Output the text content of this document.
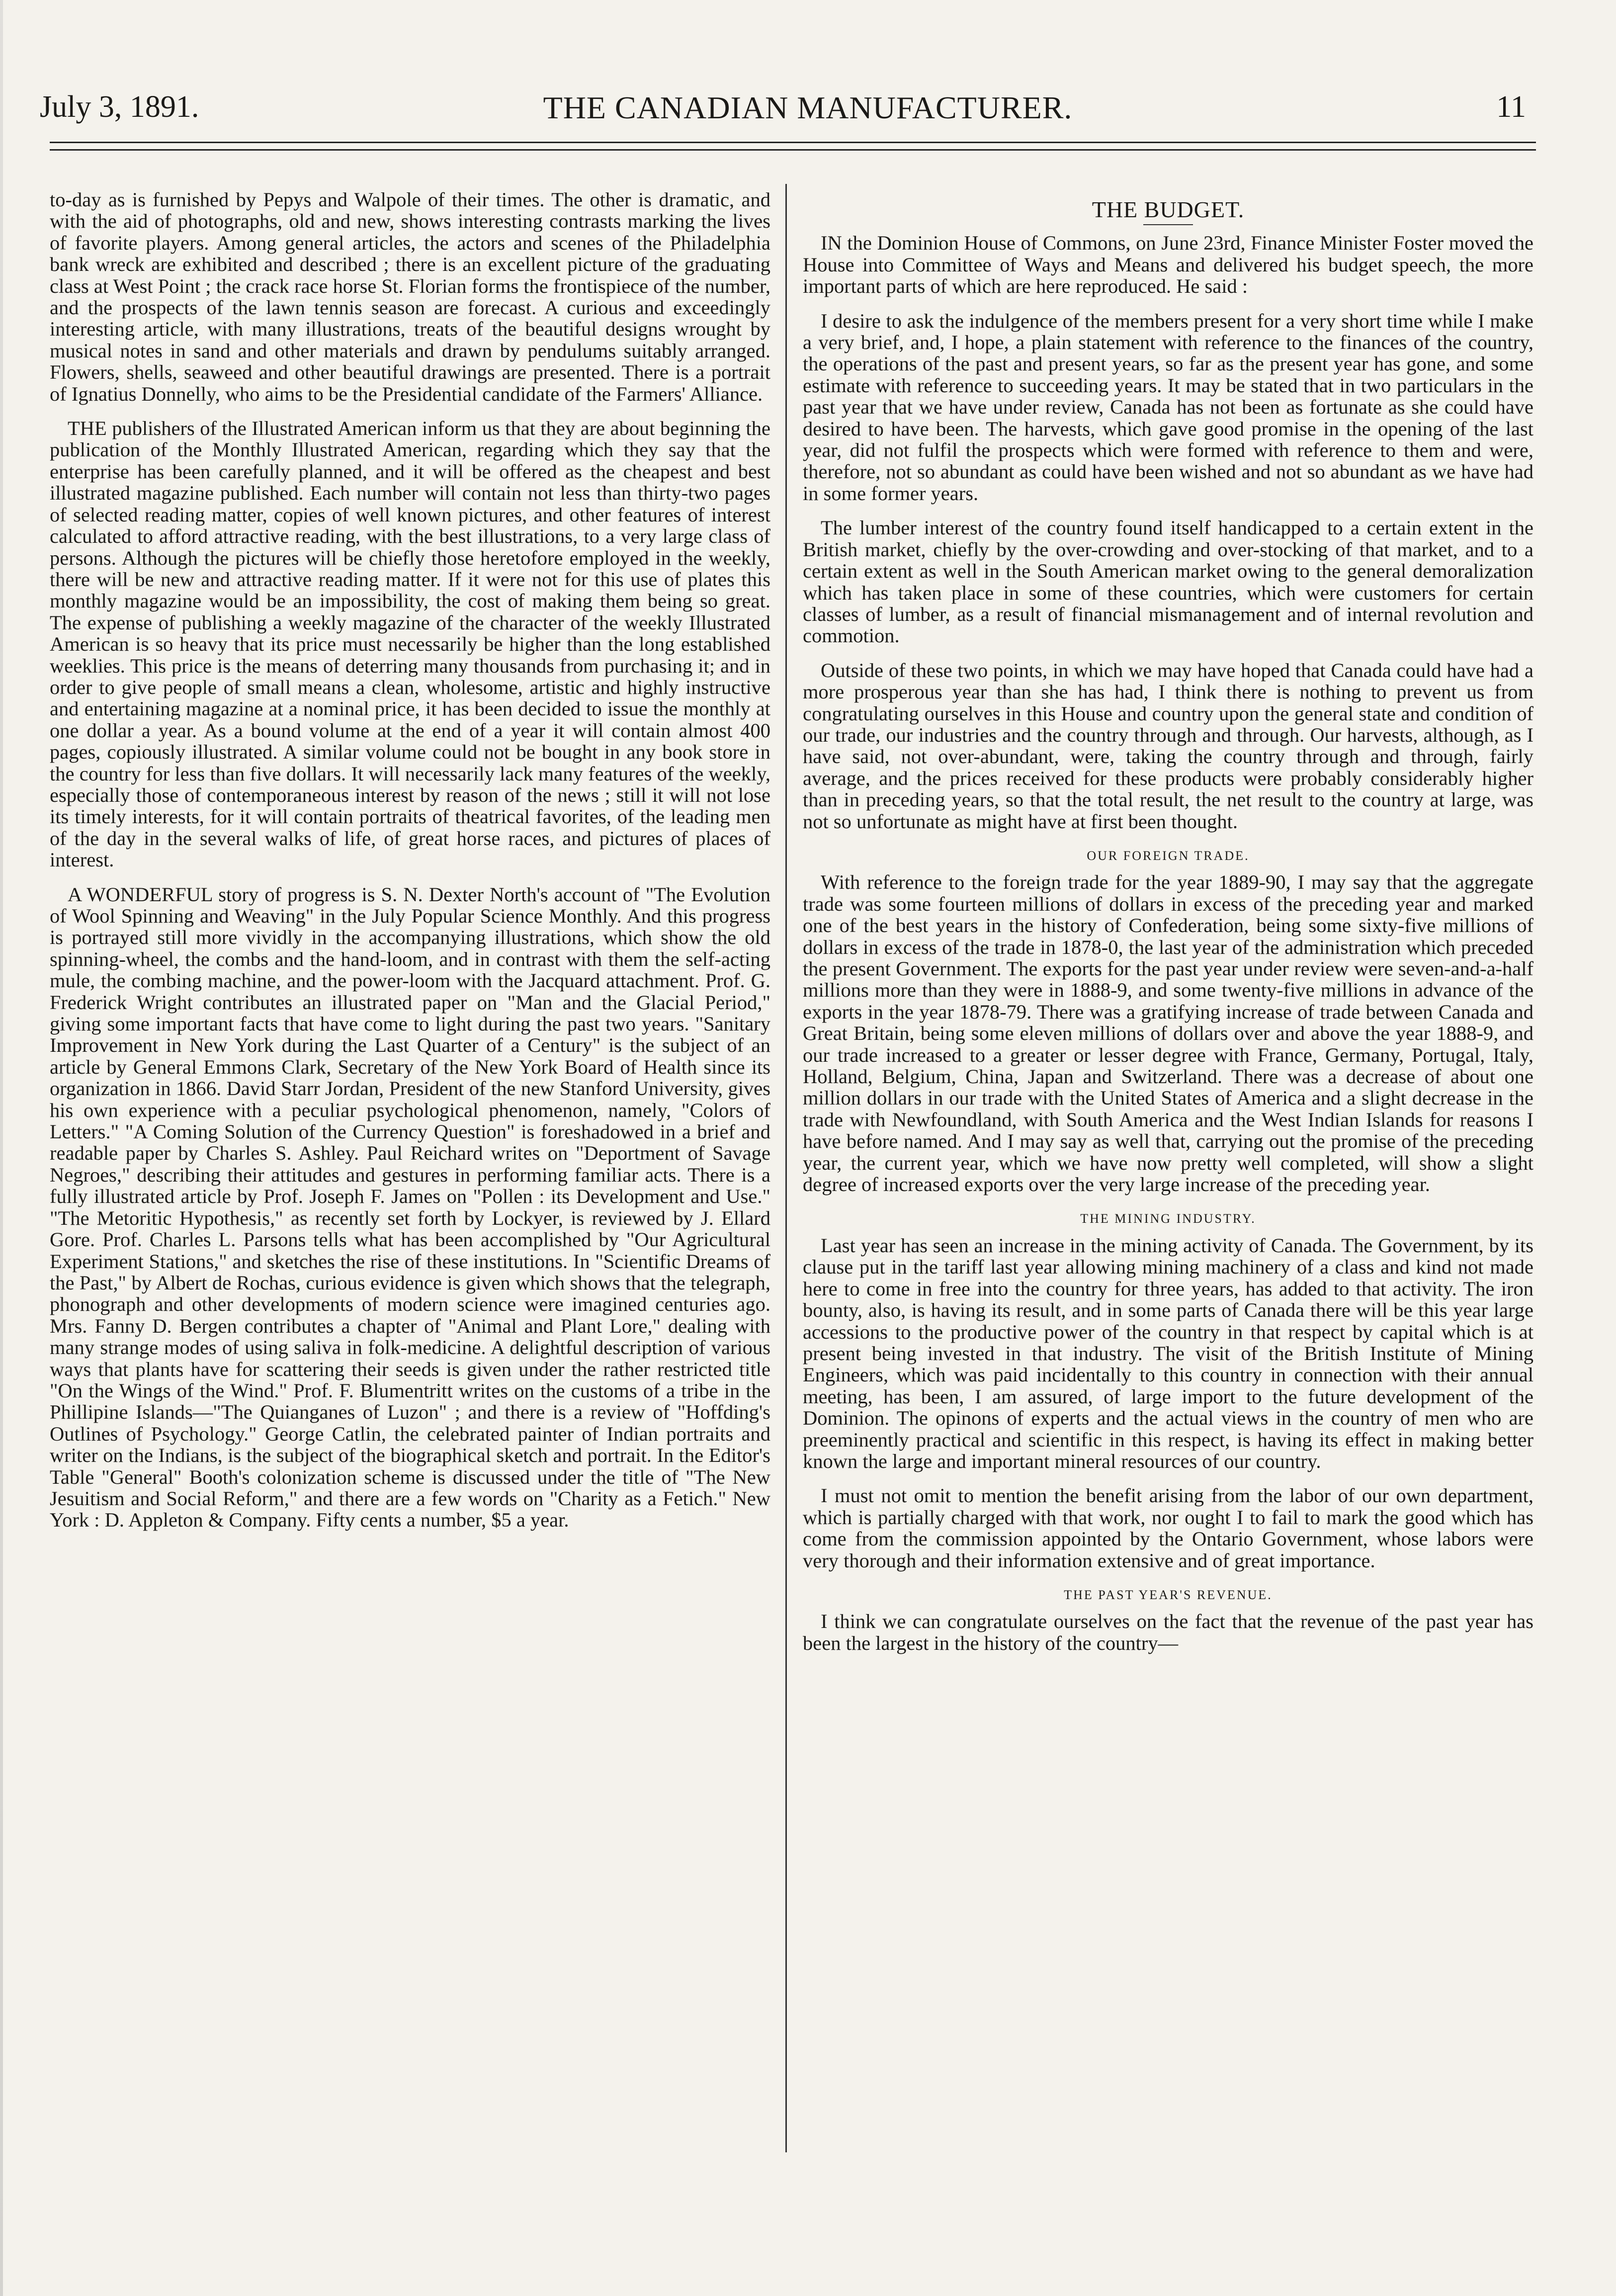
July 3, 1891.	THE CANADIAN MANUFACTURER.	11

to-day as is furnished by Pepys and Walpole of their times. The other is dramatic, and with the aid of photographs, old and new, shows interesting contrasts marking the lives of favorite players. Among general articles, the actors and scenes of the Philadelphia bank wreck are exhibited and described ; there is an excellent picture of the graduating class at West Point ; the crack race horse St. Florian forms the frontispiece of the number, and the prospects of the lawn tennis season are forecast. A curious and exceedingly interesting article, with many illustrations, treats of the beautiful designs wrought by musical notes in sand and other materials and drawn by pendulums suitably arranged. Flowers, shells, seaweed and other beautiful drawings are presented. There is a portrait of Ignatius Donnelly, who aims to be the Presidential candidate of the Farmers' Alliance.

THE publishers of the Illustrated American inform us that they are about beginning the publication of the Monthly Illustrated American, regarding which they say that the enterprise has been carefully planned, and it will be offered as the cheapest and best illustrated magazine published. Each number will contain not less than thirty-two pages of selected reading matter, copies of well known pictures, and other features of interest calculated to afford attractive reading, with the best illustrations, to a very large class of persons. Although the pictures will be chiefly those heretofore employed in the weekly, there will be new and attractive reading matter. If it were not for this use of plates this monthly magazine would be an impossibility, the cost of making them being so great. The expense of publishing a weekly magazine of the character of the weekly Illustrated American is so heavy that its price must necessarily be higher than the long established weeklies. This price is the means of deterring many thousands from purchasing it; and in order to give people of small means a clean, wholesome, artistic and highly instructive and entertaining magazine at a nominal price, it has been decided to issue the monthly at one dollar a year. As a bound volume at the end of a year it will contain almost 400 pages, copiously illustrated. A similar volume could not be bought in any book store in the country for less than five dollars. It will necessarily lack many features of the weekly, especially those of contemporaneous interest by reason of the news ; still it will not lose its timely interests, for it will contain portraits of theatrical favorites, of the leading men of the day in the several walks of life, of great horse races, and pictures of places of interest.

A WONDERFUL story of progress is S. N. Dexter North's account of "The Evolution of Wool Spinning and Weaving" in the July Popular Science Monthly. And this progress is portrayed still more vividly in the accompanying illustrations, which show the old spinning-wheel, the combs and the hand-loom, and in contrast with them the self-acting mule, the combing machine, and the power-loom with the Jacquard attachment. Prof. G. Frederick Wright contributes an illustrated paper on "Man and the Glacial Period," giving some important facts that have come to light during the past two years. "Sanitary Improvement in New York during the Last Quarter of a Century" is the subject of an article by General Emmons Clark, Secretary of the New York Board of Health since its organization in 1866. David Starr Jordan, President of the new Stanford University, gives his own experience with a peculiar psychological phenomenon, namely, "Colors of Letters." "A Coming Solution of the Currency Question" is foreshadowed in a brief and readable paper by Charles S. Ashley. Paul Reichard writes on "Deportment of Savage Negroes," describing their attitudes and gestures in performing familiar acts. There is a fully illustrated article by Prof. Joseph F. James on "Pollen : its Development and Use." "The Metoritic Hypothesis," as recently set forth by Lockyer, is reviewed by J. Ellard Gore. Prof. Charles L. Parsons tells what has been accomplished by "Our Agricultural Experiment Stations," and sketches the rise of these institutions. In "Scientific Dreams of the Past," by Albert de Rochas, curious evidence is given which shows that the telegraph, phonograph and other developments of modern science were imagined centuries ago. Mrs. Fanny D. Bergen contributes a chapter of "Animal and Plant Lore," dealing with many strange modes of using saliva in folk-medicine. A delightful description of various ways that plants have for scattering their seeds is given under the rather restricted title "On the Wings of the Wind." Prof. F. Blumentritt writes on the customs of a tribe in the Phillipine Islands—"The Quianganes of Luzon" ; and there is a review of "Hoffding's Outlines of Psychology." George Catlin, the celebrated painter of Indian portraits and writer on the Indians, is the subject of the biographical sketch and portrait. In the Editor's Table "General" Booth's colonization scheme is discussed under the title of "The New Jesuitism and Social Reform," and there are a few words on "Charity as a Fetich." New York : D. Appleton & Company. Fifty cents a number, $5 a year.

THE BUDGET.

IN the Dominion House of Commons, on June 23rd, Finance Minister Foster moved the House into Committee of Ways and Means and delivered his budget speech, the more important parts of which are here reproduced. He said :

I desire to ask the indulgence of the members present for a very short time while I make a very brief, and, I hope, a plain statement with reference to the finances of the country, the operations of the past and present years, so far as the present year has gone, and some estimate with reference to succeeding years. It may be stated that in two particulars in the past year that we have under review, Canada has not been as fortunate as she could have desired to have been. The harvests, which gave good promise in the opening of the last year, did not fulfil the prospects which were formed with reference to them and were, therefore, not so abundant as could have been wished and not so abundant as we have had in some former years.

The lumber interest of the country found itself handicapped to a certain extent in the British market, chiefly by the over-crowding and over-stocking of that market, and to a certain extent as well in the South American market owing to the general demoralization which has taken place in some of these countries, which were customers for certain classes of lumber, as a result of financial mismanagement and of internal revolution and commotion.

Outside of these two points, in which we may have hoped that Canada could have had a more prosperous year than she has had, I think there is nothing to prevent us from congratulating ourselves in this House and country upon the general state and condition of our trade, our industries and the country through and through. Our harvests, although, as I have said, not over-abundant, were, taking the country through and through, fairly average, and the prices received for these products were probably considerably higher than in preceding years, so that the total result, the net result to the country at large, was not so unfortunate as might have at first been thought.

OUR FOREIGN TRADE.

With reference to the foreign trade for the year 1889-90, I may say that the aggregate trade was some fourteen millions of dollars in excess of the preceding year and marked one of the best years in the history of Confederation, being some sixty-five millions of dollars in excess of the trade in 1878-0, the last year of the administration which preceded the present Government. The exports for the past year under review were seven-and-a-half millions more than they were in 1888-9, and some twenty-five millions in advance of the exports in the year 1878-79. There was a gratifying increase of trade between Canada and Great Britain, being some eleven millions of dollars over and above the year 1888-9, and our trade increased to a greater or lesser degree with France, Germany, Portugal, Italy, Holland, Belgium, China, Japan and Switzerland. There was a decrease of about one million dollars in our trade with the United States of America and a slight decrease in the trade with Newfoundland, with South America and the West Indian Islands for reasons I have before named. And I may say as well that, carrying out the promise of the preceding year, the current year, which we have now pretty well completed, will show a slight degree of increased exports over the very large increase of the preceding year.

THE MINING INDUSTRY.

Last year has seen an increase in the mining activity of Canada. The Government, by its clause put in the tariff last year allowing mining machinery of a class and kind not made here to come in free into the country for three years, has added to that activity. The iron bounty, also, is having its result, and in some parts of Canada there will be this year large accessions to the productive power of the country in that respect by capital which is at present being invested in that industry. The visit of the British Institute of Mining Engineers, which was paid incidentally to this country in connection with their annual meeting, has been, I am assured, of large import to the future development of the Dominion. The opinons of experts and the actual views in the country of men who are preeminently practical and scientific in this respect, is having its effect in making better known the large and important mineral resources of our country.

I must not omit to mention the benefit arising from the labor of our own department, which is partially charged with that work, nor ought I to fail to mark the good which has come from the commission appointed by the Ontario Government, whose labors were very thorough and their information extensive and of great importance.

THE PAST YEAR'S REVENUE.

I think we can congratulate ourselves on the fact that the revenue of the past year has been the largest in the history of the country—
